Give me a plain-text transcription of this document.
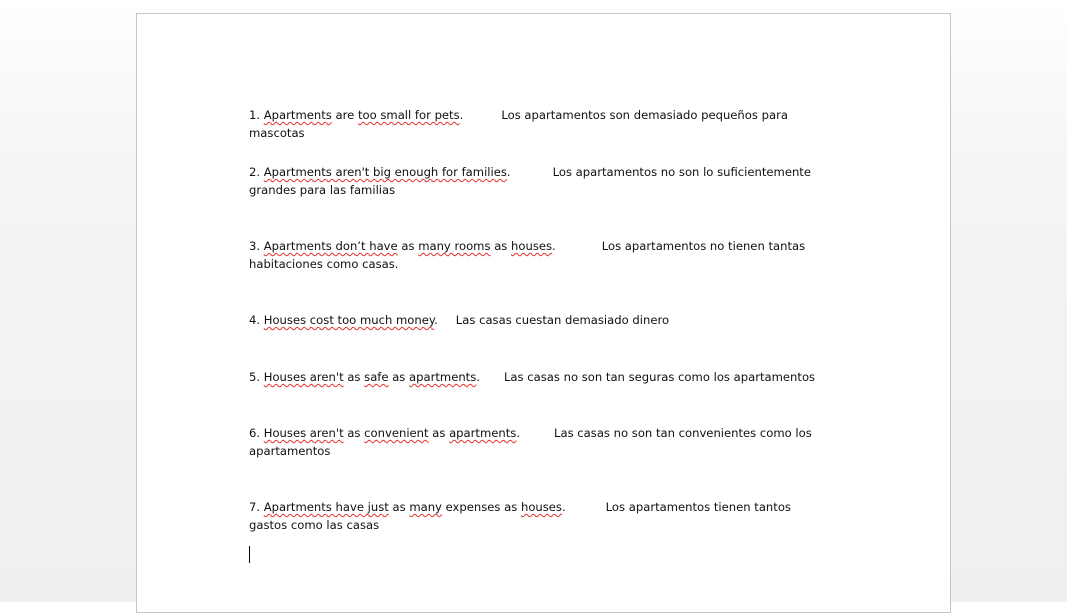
1. Apartments are too small for pets.	Los apartamentos son demasiado pequeños para mascotas

2. Apartments aren't big enough for families.	Los apartamentos no son lo suficientemente grandes para las familias

3. Apartments don’t have as many rooms as houses.	Los apartamentos no tienen tantas habitaciones como casas.

4. Houses cost too much money. Las casas cuestan demasiado dinero

5. Houses aren't as safe as apartments. Las casas no son tan seguras como los apartamentos

6. Houses aren't as convenient as apartments.	Las casas no son tan convenientes como los apartamentos

7. Apartments have just as many expenses as houses.	Los apartamentos tienen tantos gastos como las casas
